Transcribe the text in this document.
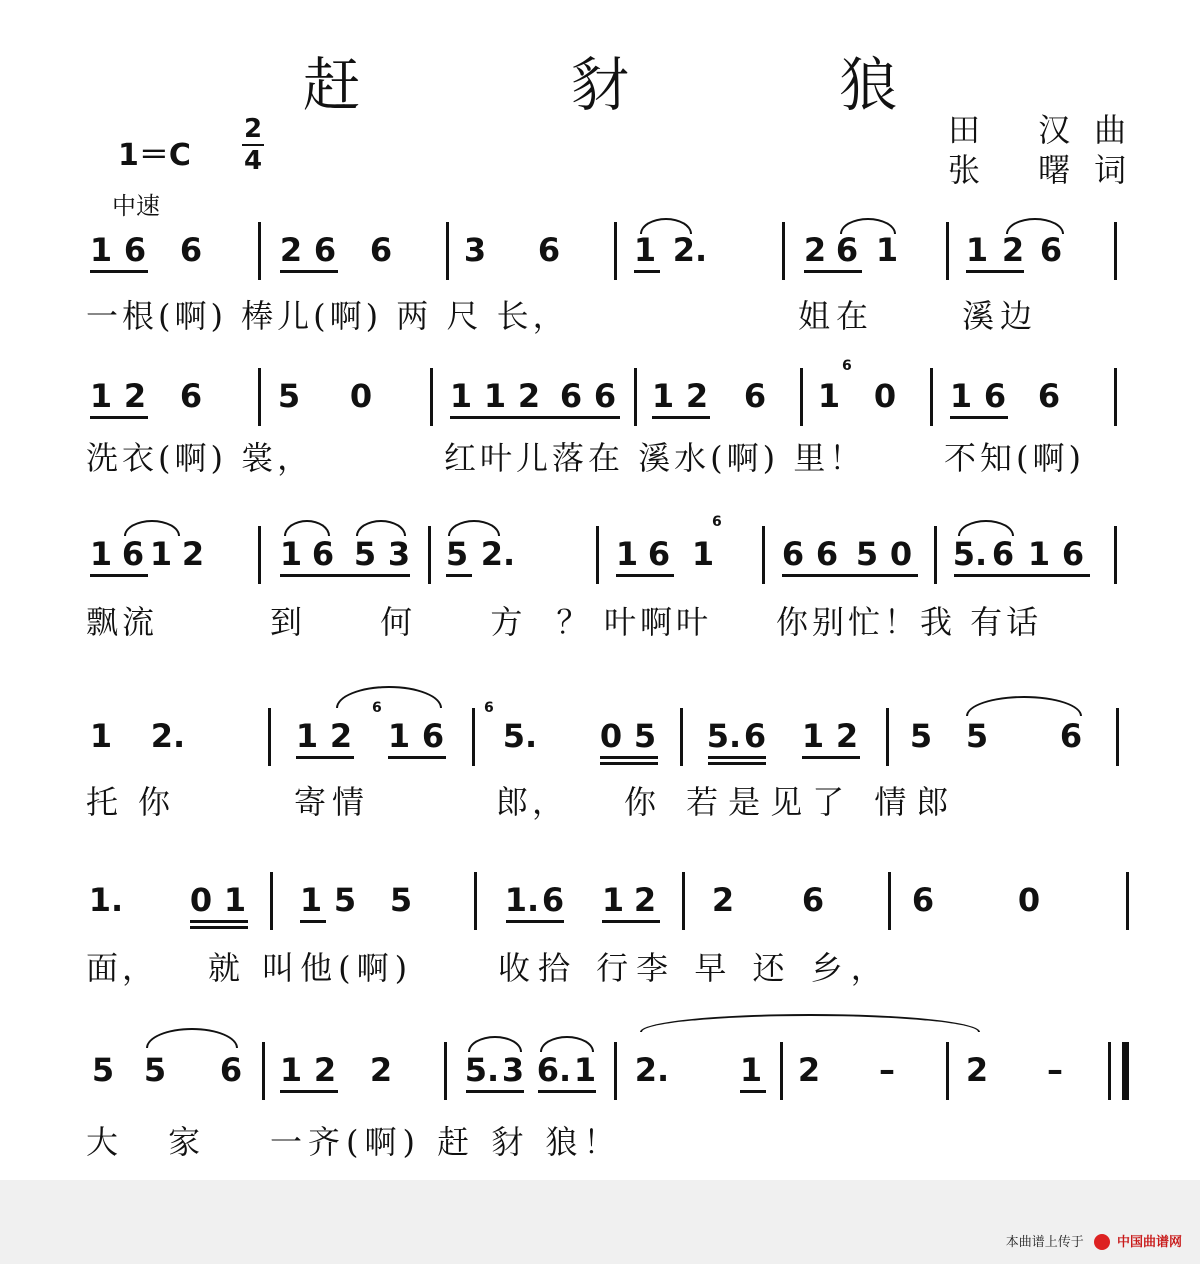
赶 豺 狼
1＝C
2
4
田 汉曲
张 曙词
中速
1 6 6 2 6 6 3 6 1 2.	2 6 1 1 2 6
一根(啊) 棒儿(啊) 两 尺 长，	姐在	溪边
1 2 6 5 0 1 1 2 6 6 1 2 6 1
6
0 1 6 6
洗衣(啊) 裳，	红叶儿落在 溪水(啊) 里！ 不知(啊)
1 6 1 2 1 6 5 3 5 2.	1 6 1
6
6 6 5 0 5. 6 1 6
飘流	到 何 方？
叶啊叶 你别忙！我 有话
1 2.	1 2
6
1 6
6
5. 0 5 5. 6 1 2 5 5 6
托你	寄情	郎， 你 若是见了 情郎
1. 0 1 1 5 5	1. 6 1 2 2 6	6	0
面， 就 叫他(啊)	收拾 行李 早 还 乡，
5 5 6 1 2 2 5. 3 6. 1 2. 1 2 – 2 –
大 家 一齐(啊) 赶 豺 狼！
本曲谱上传于	中国曲谱网
